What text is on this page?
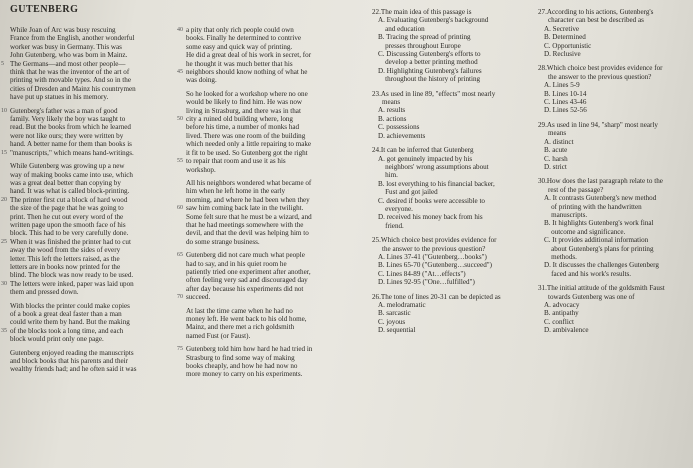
GUTENBERG
While Joan of Arc was busy rescuing
France from the English, another wonderful
worker was busy in Germany. This was
John Gutenberg, who was born in Mainz.
The Germans—and most other people—
5
think that he was the inventor of the art of
printing with movable types. And so in the
cities of Dresden and Mainz his countrymen
have put up statues in his memory.
Gutenberg's father was a man of good
10
family. Very likely the boy was taught to
read. But the books from which he learned
were not like ours; they were written by
hand. A better name for them than books is
"manuscripts," which means hand-writings.
15
While Gutenberg was growing up a new
way of making books came into use, which
was a great deal better than copying by
hand. It was what is called block-printing.
The printer first cut a block of hard wood
20
the size of the page that he was going to
print. Then he cut out every word of the
written page upon the smooth face of his
block. This had to be very carefully done.
When it was finished the printer had to cut
25
away the wood from the sides of every
letter. This left the letters raised, as the
letters are in books now printed for the
blind. The block was now ready to be used.
The letters were inked, paper was laid upon
30
them and pressed down.
With blocks the printer could make copies
of a book a great deal faster than a man
could write them by hand. But the making
of the blocks took a long time, and each
35
block would print only one page.
Gutenberg enjoyed reading the manuscripts
and block books that his parents and their
wealthy friends had; and he often said it was
a pity that only rich people could own
40
books. Finally he determined to contrive
some easy and quick way of printing.
He did a great deal of his work in secret, for
he thought it was much better that his
neighbors should know nothing of what he
45
was doing.
So he looked for a workshop where no one
would be likely to find him. He was now
living in Strasburg, and there was in that
city a ruined old building where, long
50
before his time, a number of monks had
lived. There was one room of the building
which needed only a little repairing to make
it fit to be used. So Gutenberg got the right
to repair that room and use it as his
55
workshop.
All his neighbors wondered what became of
him when he left home in the early
morning, and where he had been when they
saw him coming back late in the twilight.
60
Some felt sure that he must be a wizard, and
that he had meetings somewhere with the
devil, and that the devil was helping him to
do some strange business.
Gutenberg did not care much what people
65
had to say, and in his quiet room he
patiently tried one experiment after another,
often feeling very sad and discouraged day
after day because his experiments did not
succeed.
70
At last the time came when he had no
money left. He went back to his old home,
Mainz, and there met a rich goldsmith
named Fust (or Faust).
Gutenberg told him how hard he had tried in
75
Strasburg to find some way of making
books cheaply, and how he had now no
more money to carry on his experiments.
22.The main idea of this passage is
A. Evaluating Gutenberg's background
and education
B. Tracing the spread of printing
presses throughout Europe
C. Discussing Gutenberg's efforts to
develop a better printing method
D. Highlighting Gutenberg's failures
throughout the history of printing
23.As used in line 89, "effects" most nearly
means
A. results
B. actions
C. possessions
D. achievements
24.It can be inferred that Gutenberg
A. got genuinely impacted by his
neighbors' wrong assumptions about
him.
B. lost everything to his financial backer,
Fust and got jailed
C. desired if books were accessible to
everyone.
D. received his money back from his
friend.
25.Which choice best provides evidence for
the answer to the previous question?
A. Lines 37-41 ("Gutenberg…books")
B. Lines 65-70 ("Gutenberg…succeed")
C. Lines 84-89 ("At…effects")
D. Lines 92-95 ("One…fulfilled")
26.The tone of lines 20-31 can be depicted as
A. melodramatic
B. sarcastic
C. joyous
D. sequential
27.According to his actions, Gutenberg's
character can best be described as
A. Secretive
B. Determined
C. Opportunistic
D. Reclusive
28.Which choice best provides evidence for
the answer to the previous question?
A. Lines 5-9
B. Lines 10-14
C. Lines 43-46
D. Lines 52-56
29.As used in line 94, "sharp" most nearly
means
A. distinct
B. acute
C. harsh
D. strict
30.How does the last paragraph relate to the
rest of the passage?
A. It contrasts Gutenberg's new method
of printing with the handwritten
manuscripts.
B. It highlights Gutenberg's work final
outcome and significance.
C. It provides additional information
about Gutenberg's plans for printing
methods.
D. It discusses the challenges Gutenberg
faced and his work's results.
31.The initial attitude of the goldsmith Faust
towards Gutenberg was one of
A. advocacy
B. antipathy
C. conflict
D. ambivalence
